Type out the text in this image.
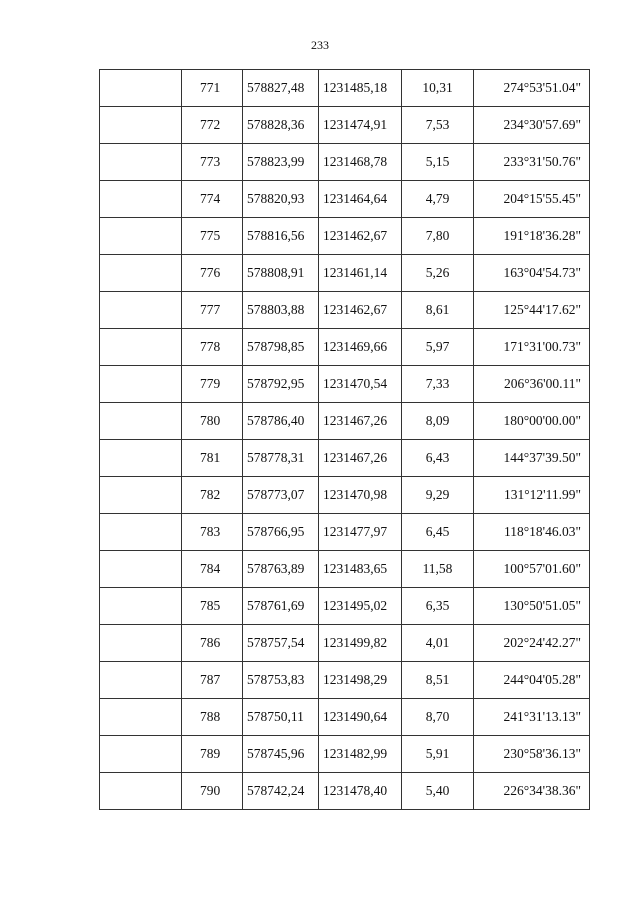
233

	771	578827,48	1231485,18	10,31	274°53'51.04"

	772	578828,36	1231474,91	7,53	234°30'57.69"

	773	578823,99	1231468,78	5,15	233°31'50.76"

	774	578820,93	1231464,64	4,79	204°15'55.45"

	775	578816,56	1231462,67	7,80	191°18'36.28"

	776	578808,91	1231461,14	5,26	163°04'54.73"

	777	578803,88	1231462,67	8,61	125°44'17.62"

	778	578798,85	1231469,66	5,97	171°31'00.73"

	779	578792,95	1231470,54	7,33	206°36'00.11"

	780	578786,40	1231467,26	8,09	180°00'00.00"

	781	578778,31	1231467,26	6,43	144°37'39.50"

	782	578773,07	1231470,98	9,29	131°12'11.99"

	783	578766,95	1231477,97	6,45	118°18'46.03"

	784	578763,89	1231483,65	11,58	100°57'01.60"

	785	578761,69	1231495,02	6,35	130°50'51.05"

	786	578757,54	1231499,82	4,01	202°24'42.27"

	787	578753,83	1231498,29	8,51	244°04'05.28"

	788	578750,11	1231490,64	8,70	241°31'13.13"

	789	578745,96	1231482,99	5,91	230°58'36.13"

	790	578742,24	1231478,40	5,40	226°34'38.36"
